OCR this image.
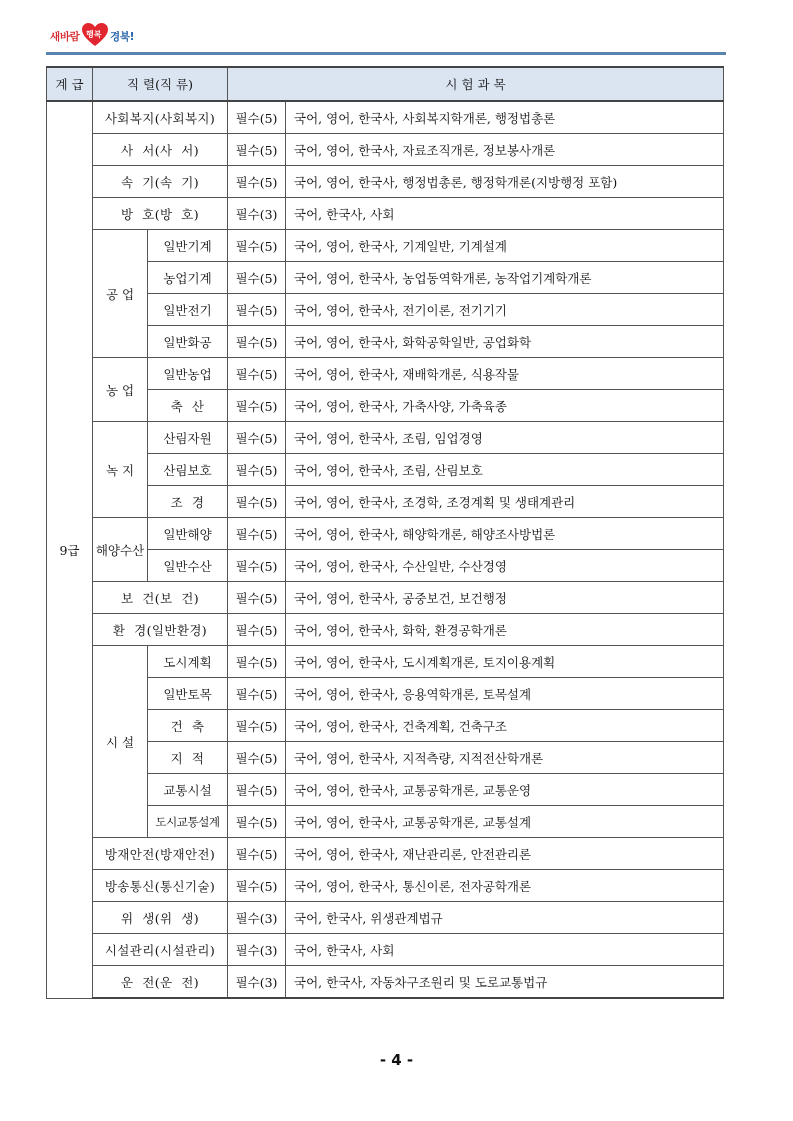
새바람 행복 경북!
계 급	직 렬(직 류)		시 험 과 목	
9급	사회복지(사회복지)		필수(5)	국어, 영어, 한국사, 사회복지학개론, 행정법총론
	사  서(사  서)		필수(5)	국어, 영어, 한국사, 자료조직개론, 정보봉사개론
	속  기(속  기)		필수(5)	국어, 영어, 한국사, 행정법총론, 행정학개론(지방행정 포함)
	방  호(방  호)		필수(3)	국어, 한국사, 사회
	공 업	일반기계	필수(5)	국어, 영어, 한국사, 기계일반, 기계설계
		농업기계	필수(5)	국어, 영어, 한국사, 농업동역학개론, 농작업기계학개론
		일반전기	필수(5)	국어, 영어, 한국사, 전기이론, 전기기기
		일반화공	필수(5)	국어, 영어, 한국사, 화학공학일반, 공업화학
	농 업	일반농업	필수(5)	국어, 영어, 한국사, 재배학개론, 식용작물
		축  산	필수(5)	국어, 영어, 한국사, 가축사양, 가축육종
	녹 지	산림자원	필수(5)	국어, 영어, 한국사, 조림, 임업경영
		산림보호	필수(5)	국어, 영어, 한국사, 조림, 산림보호
		조  경	필수(5)	국어, 영어, 한국사, 조경학, 조경계획 및 생태계관리
	해양수산	일반해양	필수(5)	국어, 영어, 한국사, 해양학개론, 해양조사방법론
		일반수산	필수(5)	국어, 영어, 한국사, 수산일반, 수산경영
	보  건(보  건)		필수(5)	국어, 영어, 한국사, 공중보건, 보건행정
	환  경(일반환경)		필수(5)	국어, 영어, 한국사, 화학, 환경공학개론
	시 설	도시계획	필수(5)	국어, 영어, 한국사, 도시계획개론, 토지이용계획
		일반토목	필수(5)	국어, 영어, 한국사, 응용역학개론, 토목설계
		건  축	필수(5)	국어, 영어, 한국사, 건축계획, 건축구조
		지  적	필수(5)	국어, 영어, 한국사, 지적측량, 지적전산학개론
		교통시설	필수(5)	국어, 영어, 한국사, 교통공학개론, 교통운영
		도시교통설계	필수(5)	국어, 영어, 한국사, 교통공학개론, 교통설계
	방재안전(방재안전)		필수(5)	국어, 영어, 한국사, 재난관리론, 안전관리론
	방송통신(통신기술)		필수(5)	국어, 영어, 한국사, 통신이론, 전자공학개론
	위  생(위  생)		필수(3)	국어, 한국사, 위생관계법규
	시설관리(시설관리)		필수(3)	국어, 한국사, 사회
	운  전(운  전)		필수(3)	국어, 한국사, 자동차구조원리 및 도로교통법규
- 4 -
